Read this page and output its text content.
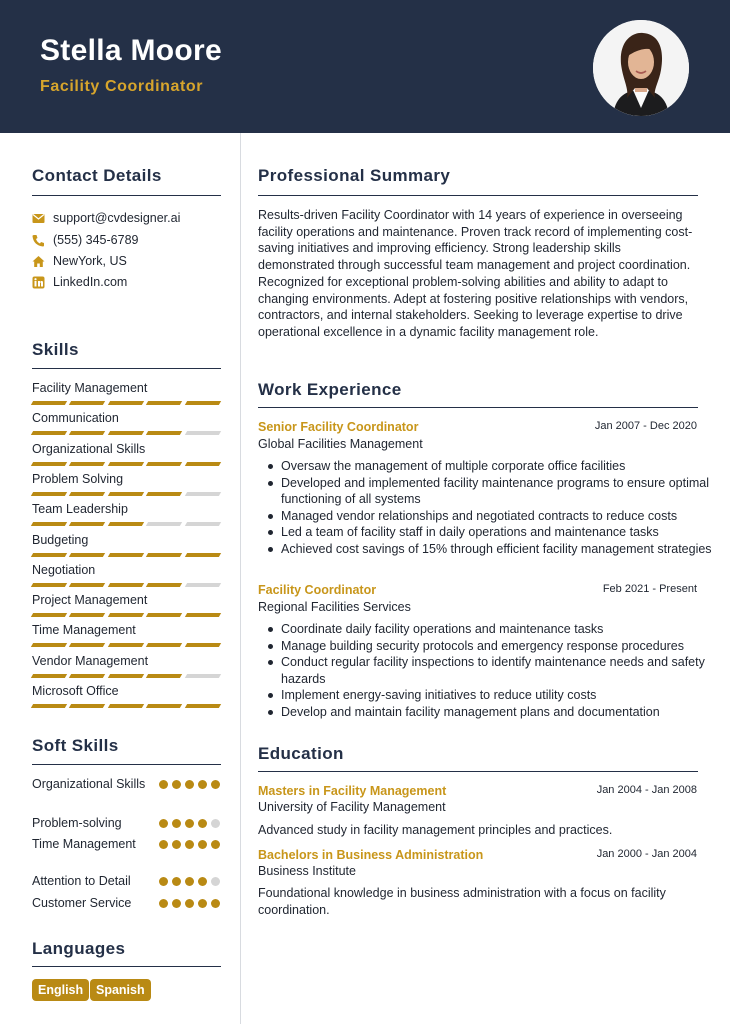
Stella Moore
Facility Coordinator
Contact Details
support@cvdesigner.ai
(555) 345-6789
NewYork, US
LinkedIn.com
Skills
Facility Management
Communication
Organizational Skills
Problem Solving
Team Leadership
Budgeting
Negotiation
Project Management
Time Management
Vendor Management
Microsoft Office
Soft Skills
Organizational Skills
Problem-solving
Time Management
Attention to Detail
Customer Service
Languages
English	Spanish
Professional Summary
Results-driven Facility Coordinator with 14 years of experience in overseeing facility operations and maintenance. Proven track record of implementing cost-saving initiatives and improving efficiency. Strong leadership skills demonstrated through successful team management and project coordination. Recognized for exceptional problem-solving abilities and ability to adapt to changing environments. Adept at fostering positive relationships with vendors, contractors, and internal stakeholders. Seeking to leverage expertise to drive operational excellence in a dynamic facility management role.
Work Experience
Senior Facility Coordinator	Jan 2007 - Dec 2020
Global Facilities Management
Oversaw the management of multiple corporate office facilities
Developed and implemented facility maintenance programs to ensure optimal functioning of all systems
Managed vendor relationships and negotiated contracts to reduce costs
Led a team of facility staff in daily operations and maintenance tasks
Achieved cost savings of 15% through efficient facility management strategies
Facility Coordinator	Feb 2021 - Present
Regional Facilities Services
Coordinate daily facility operations and maintenance tasks
Manage building security protocols and emergency response procedures
Conduct regular facility inspections to identify maintenance needs and safety hazards
Implement energy-saving initiatives to reduce utility costs
Develop and maintain facility management plans and documentation
Education
Masters in Facility Management	Jan 2004 - Jan 2008
University of Facility Management
Advanced study in facility management principles and practices.
Bachelors in Business Administration	Jan 2000 - Jan 2004
Business Institute
Foundational knowledge in business administration with a focus on facility coordination.
